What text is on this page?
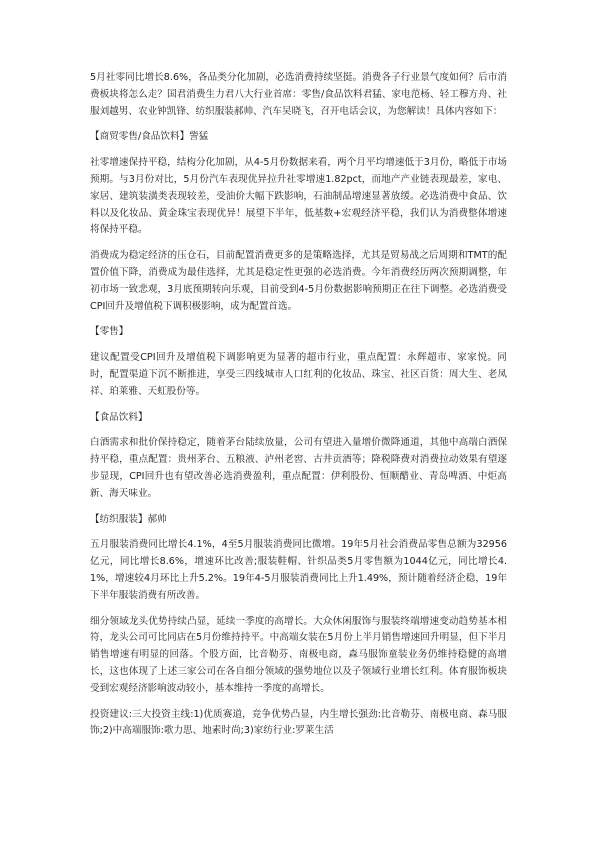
5月社零同比增长8.6%，各品类分化加剧，必选消费持续坚挺。消费各子行业景气度如何？后市消费板块将怎么走？国君消费生力君八大行业首席：零售/食品饮料君猛、家电范杨、轻工穆方舟、社服刘越男、农业钟凯锋、纺织服装郝帅、汽车吴晓飞，召开电话会议，为您解读！具体内容如下：

【商贸零售/食品饮料】訾猛

社零增速保持平稳，结构分化加剧，从4-5月份数据来看，两个月平均增速低于3月份，略低于市场预期。与3月份对比，5月份汽车表现优异拉升社零增速1.82pct，而地产产业链表现最差，家电、家居、建筑装潢类表现较差，受油价大幅下跌影响，石油制品增速显著放缓。必选消费中食品、饮料以及化妆品、黄金珠宝表现优异！展望下半年，低基数+宏观经济平稳，我们认为消费整体增速将保持平稳。

消费成为稳定经济的压仓石，目前配置消费更多的是策略选择，尤其是贸易战之后周期和TMT的配置价值下降，消费成为最佳选择，尤其是稳定性更强的必选消费。今年消费经历两次预期调整，年初市场一致悲观，3月底预期转向乐观，目前受到4-5月份数据影响预期正在往下调整。必选消费受CPI回升及增值税下调积极影响，成为配置首选。

【零售】

建议配置受CPI回升及增值税下调影响更为显著的超市行业，重点配置：永辉超市、家家悦。同时，配置渠道下沉不断推进，享受三四线城市人口红利的化妆品、珠宝、社区百货：周大生、老凤祥、珀莱雅、天虹股份等。

【食品饮料】

白酒需求和批价保持稳定，随着茅台陆续放量，公司有望进入量增价微降通道，其他中高端白酒保持平稳，重点配置：贵州茅台、五粮液、泸州老窖、古井贡酒等；降税降费对消费拉动效果有望逐步显现，CPI回升也有望改善必选消费盈利，重点配置：伊利股份、恒顺醋业、青岛啤酒、中炬高新、海天味业。

【纺织服装】郝帅

五月服装消费同比增长4.1%，4至5月服装消费同比微增。19年5月社会消费品零售总额为32956亿元，同比增长8.6%，增速环比改善;服装鞋帽、针织品类5月零售额为1044亿元，同比增长4.1%，增速较4月环比上升5.2%。19年4-5月服装消费同比上升1.49%，预计随着经济企稳，19年下半年服装消费有所改善。

细分领域龙头优势持续凸显，延续一季度的高增长。大众休闲服饰与服装终端增速变动趋势基本相符，龙头公司可比同店在5月份维持持平。中高端女装在5月份上半月销售增速回升明显，但下半月销售增速有明显的回落。个股方面，比音勒芬、南极电商，森马服饰童装业务仍维持稳健的高增长，这也体现了上述三家公司在各自细分领域的强势地位以及子领域行业增长红利。体育服饰板块受到宏观经济影响波动较小，基本维持一季度的高增长。

投资建议:三大投资主线:1)优质赛道，竞争优势凸显，内生增长强劲:比音勒芬、南极电商、森马服饰;2)中高端服饰:歌力思、地素时尚;3)家纺行业:罗莱生活
